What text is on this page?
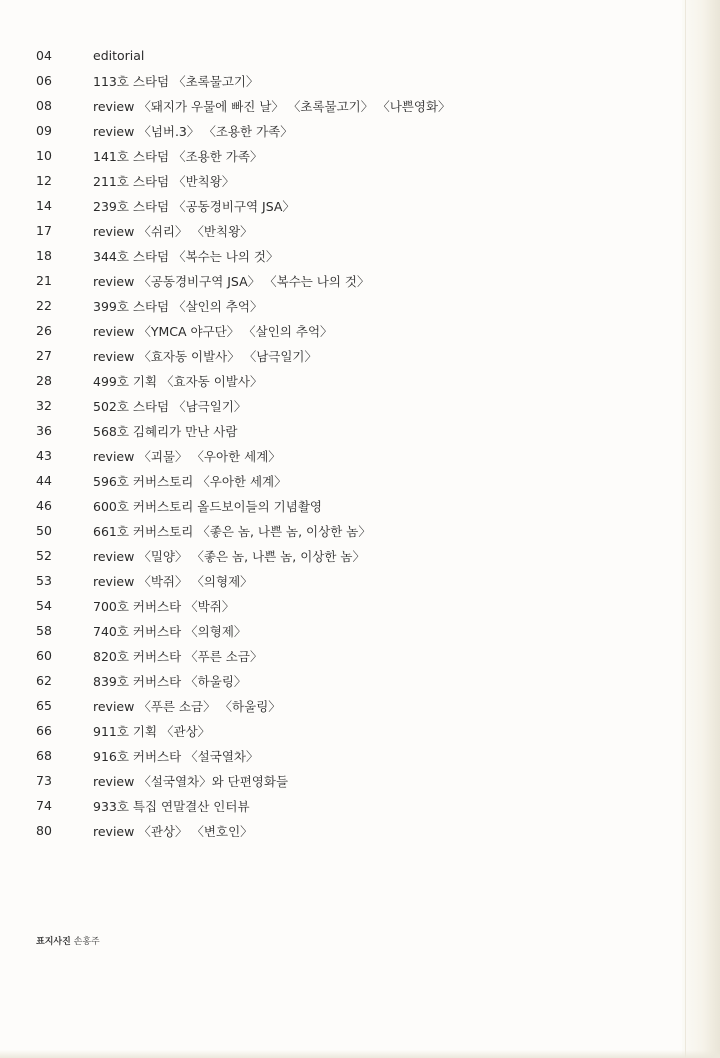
04	editorial
06	113호 스타덤 〈초록물고기〉
08	review 〈돼지가 우물에 빠진 날〉 〈초록물고기〉 〈나쁜영화〉
09	review 〈넘버.3〉 〈조용한 가족〉
10	141호 스타덤 〈조용한 가족〉
12	211호 스타덤 〈반칙왕〉
14	239호 스타덤 〈공동경비구역 JSA〉
17	review 〈쉬리〉 〈반칙왕〉
18	344호 스타덤 〈복수는 나의 것〉
21	review 〈공동경비구역 JSA〉 〈복수는 나의 것〉
22	399호 스타덤 〈살인의 추억〉
26	review 〈YMCA 야구단〉 〈살인의 추억〉
27	review 〈효자동 이발사〉 〈남극일기〉
28	499호 기획 〈효자동 이발사〉
32	502호 스타덤 〈남극일기〉
36	568호 김혜리가 만난 사람
43	review 〈괴물〉 〈우아한 세계〉
44	596호 커버스토리 〈우아한 세계〉
46	600호 커버스토리 올드보이들의 기념촬영
50	661호 커버스토리 〈좋은 놈, 나쁜 놈, 이상한 놈〉
52	review 〈밀양〉 〈좋은 놈, 나쁜 놈, 이상한 놈〉
53	review 〈박쥐〉 〈의형제〉
54	700호 커버스타 〈박쥐〉
58	740호 커버스타 〈의형제〉
60	820호 커버스타 〈푸른 소금〉
62	839호 커버스타 〈하울링〉
65	review 〈푸른 소금〉 〈하울링〉
66	911호 기획 〈관상〉
68	916호 커버스타 〈설국열차〉
73	review 〈설국열차〉와 단편영화들
74	933호 특집 연말결산 인터뷰
80	review 〈관상〉 〈변호인〉
표지사진 손홍주
